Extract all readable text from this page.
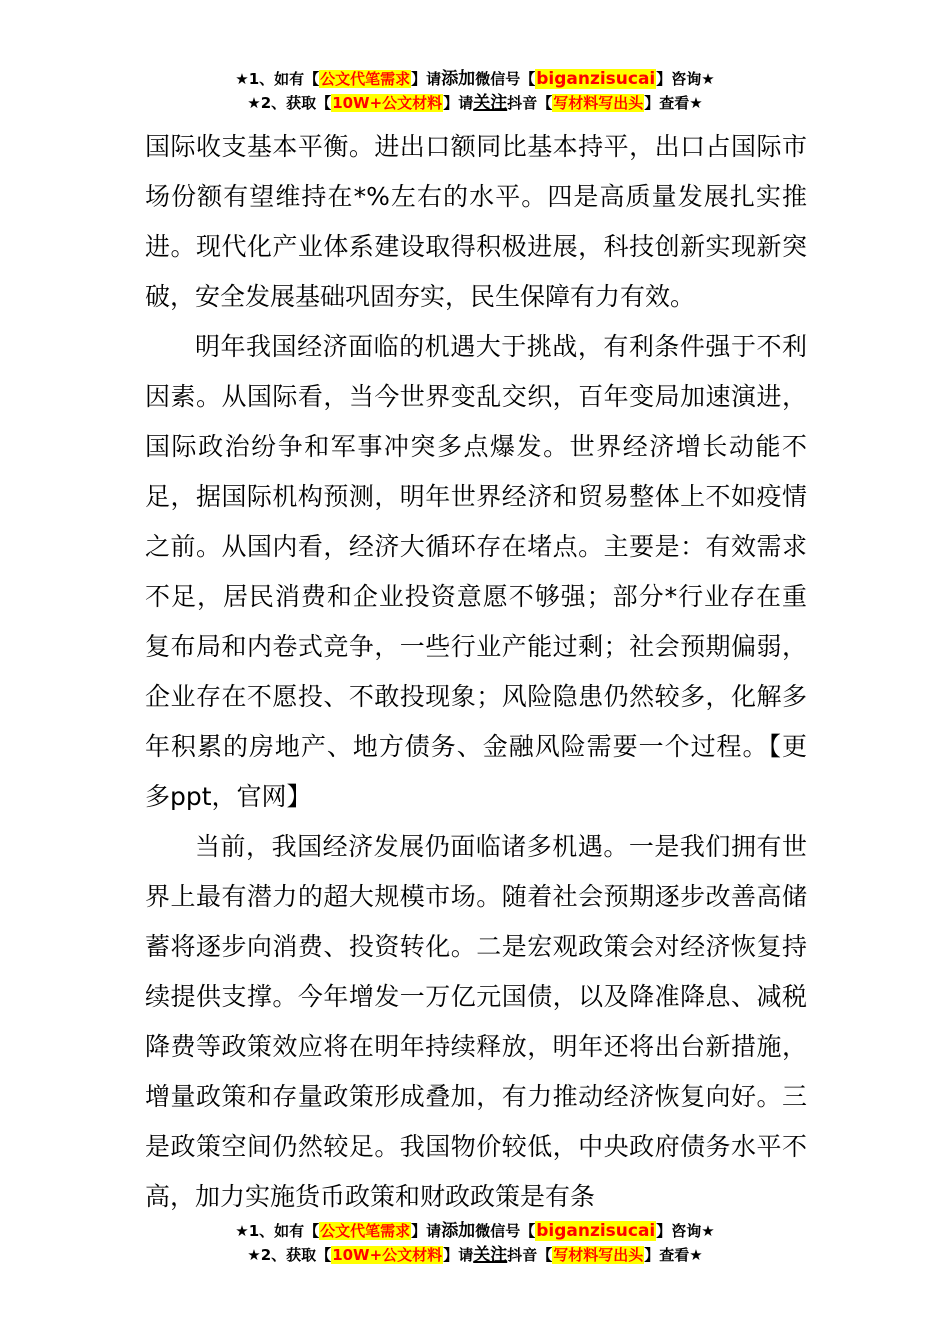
★1、如有【公文代笔需求】请添加微信号【biganzisucai】咨询★
★2、获取【10W+公文材料】请关注抖音【写材料写出头】查看★

国际收支基本平衡。进出口额同比基本持平，出口占国际市场份额有望维持在*%左右的水平。四是高质量发展扎实推进。现代化产业体系建设取得积极进展，科技创新实现新突破，安全发展基础巩固夯实，民生保障有力有效。

明年我国经济面临的机遇大于挑战，有利条件强于不利因素。从国际看，当今世界变乱交织，百年变局加速演进，国际政治纷争和军事冲突多点爆发。世界经济增长动能不足，据国际机构预测，明年世界经济和贸易整体上不如疫情之前。从国内看，经济大循环存在堵点。主要是：有效需求不足，居民消费和企业投资意愿不够强；部分*行业存在重复布局和内卷式竞争，一些行业产能过剩；社会预期偏弱，企业存在不愿投、不敢投现象；风险隐患仍然较多，化解多年积累的房地产、地方债务、金融风险需要一个过程。【更多ppt，官网】

当前，我国经济发展仍面临诸多机遇。一是我们拥有世界上最有潜力的超大规模市场。随着社会预期逐步改善高储蓄将逐步向消费、投资转化。二是宏观政策会对经济恢复持续提供支撑。今年增发一万亿元国债，以及降准降息、减税降费等政策效应将在明年持续释放，明年还将出台新措施，增量政策和存量政策形成叠加，有力推动经济恢复向好。三是政策空间仍然较足。我国物价较低，中央政府债务水平不高，加力实施货币政策和财政政策是有条

★1、如有【公文代笔需求】请添加微信号【biganzisucai】咨询★
★2、获取【10W+公文材料】请关注抖音【写材料写出头】查看★
